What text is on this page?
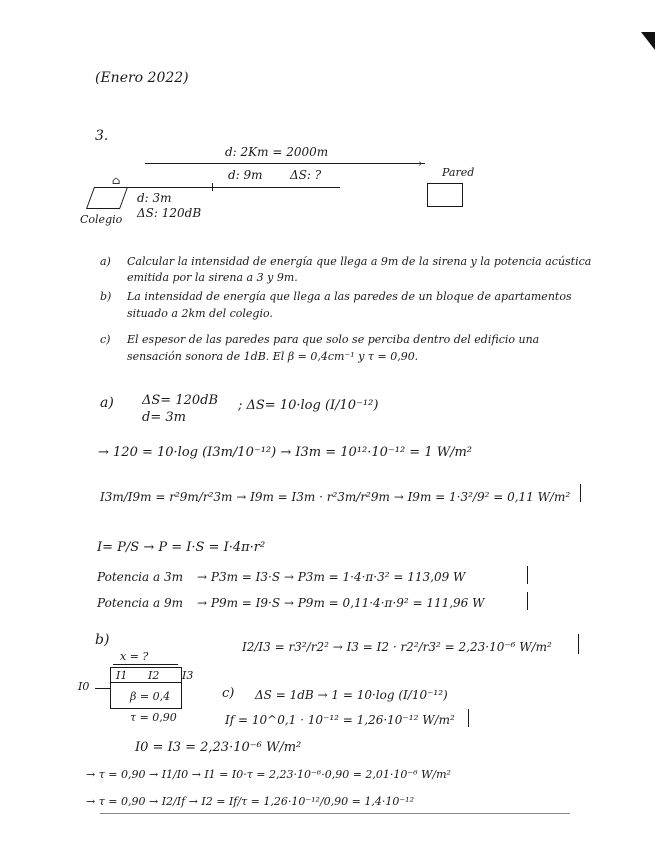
(Enero 2022)
3.
d: 2Km = 2000m
›
d: 9m ΔS: ?	Pared
⌂
d: 3m
ΔS: 120dB
Colegio
a) Calcular la intensidad de energía que llega a 9m de la sirena y la potencia acústica
emitida por la sirena a 3 y 9m.
b) La intensidad de energía que llega a las paredes de un bloque de apartamentos
situado a 2km del colegio.
c) El espesor de las paredes para que solo se perciba dentro del edificio una
sensación sonora de 1dB. El β = 0,4cm⁻¹ y τ = 0,90.
a) ΔS= 120dB
d= 3m
; ΔS= 10·log (I/10⁻¹²)
→ 120 = 10·log (I3m/10⁻¹²) → I3m = 10¹²·10⁻¹² = 1 W/m²
I3m/I9m = r²9m/r²3m → I9m = I3m · r²3m/r²9m → I9m = 1·3²/9² = 0,11 W/m²
I= P/S → P = I·S = I·4π·r²
Potencia a 3m → P3m = I3·S → P3m = 1·4·π·3² = 113,09 W
Potencia a 9m → P9m = I9·S → P9m = 0,11·4·π·9² = 111,96 W
b)	I2/I3 = r3²/r2² → I3 = I2 · r2²/r3² = 2,23·10⁻⁶ W/m²
x = ?
I0
I1 I2 I3
β = 0,4
τ = 0,90
c) ΔS = 1dB → 1 = 10·log (I/10⁻¹²)
If = 10^0,1 · 10⁻¹² = 1,26·10⁻¹² W/m²
I0 = I3 = 2,23·10⁻⁶ W/m²
→ τ = 0,90 → I1/I0 → I1 = I0·τ = 2,23·10⁻⁶·0,90 = 2,01·10⁻⁶ W/m²
→ τ = 0,90 → I2/If → I2 = If/τ = 1,26·10⁻¹²/0,90 = 1,4·10⁻¹²
